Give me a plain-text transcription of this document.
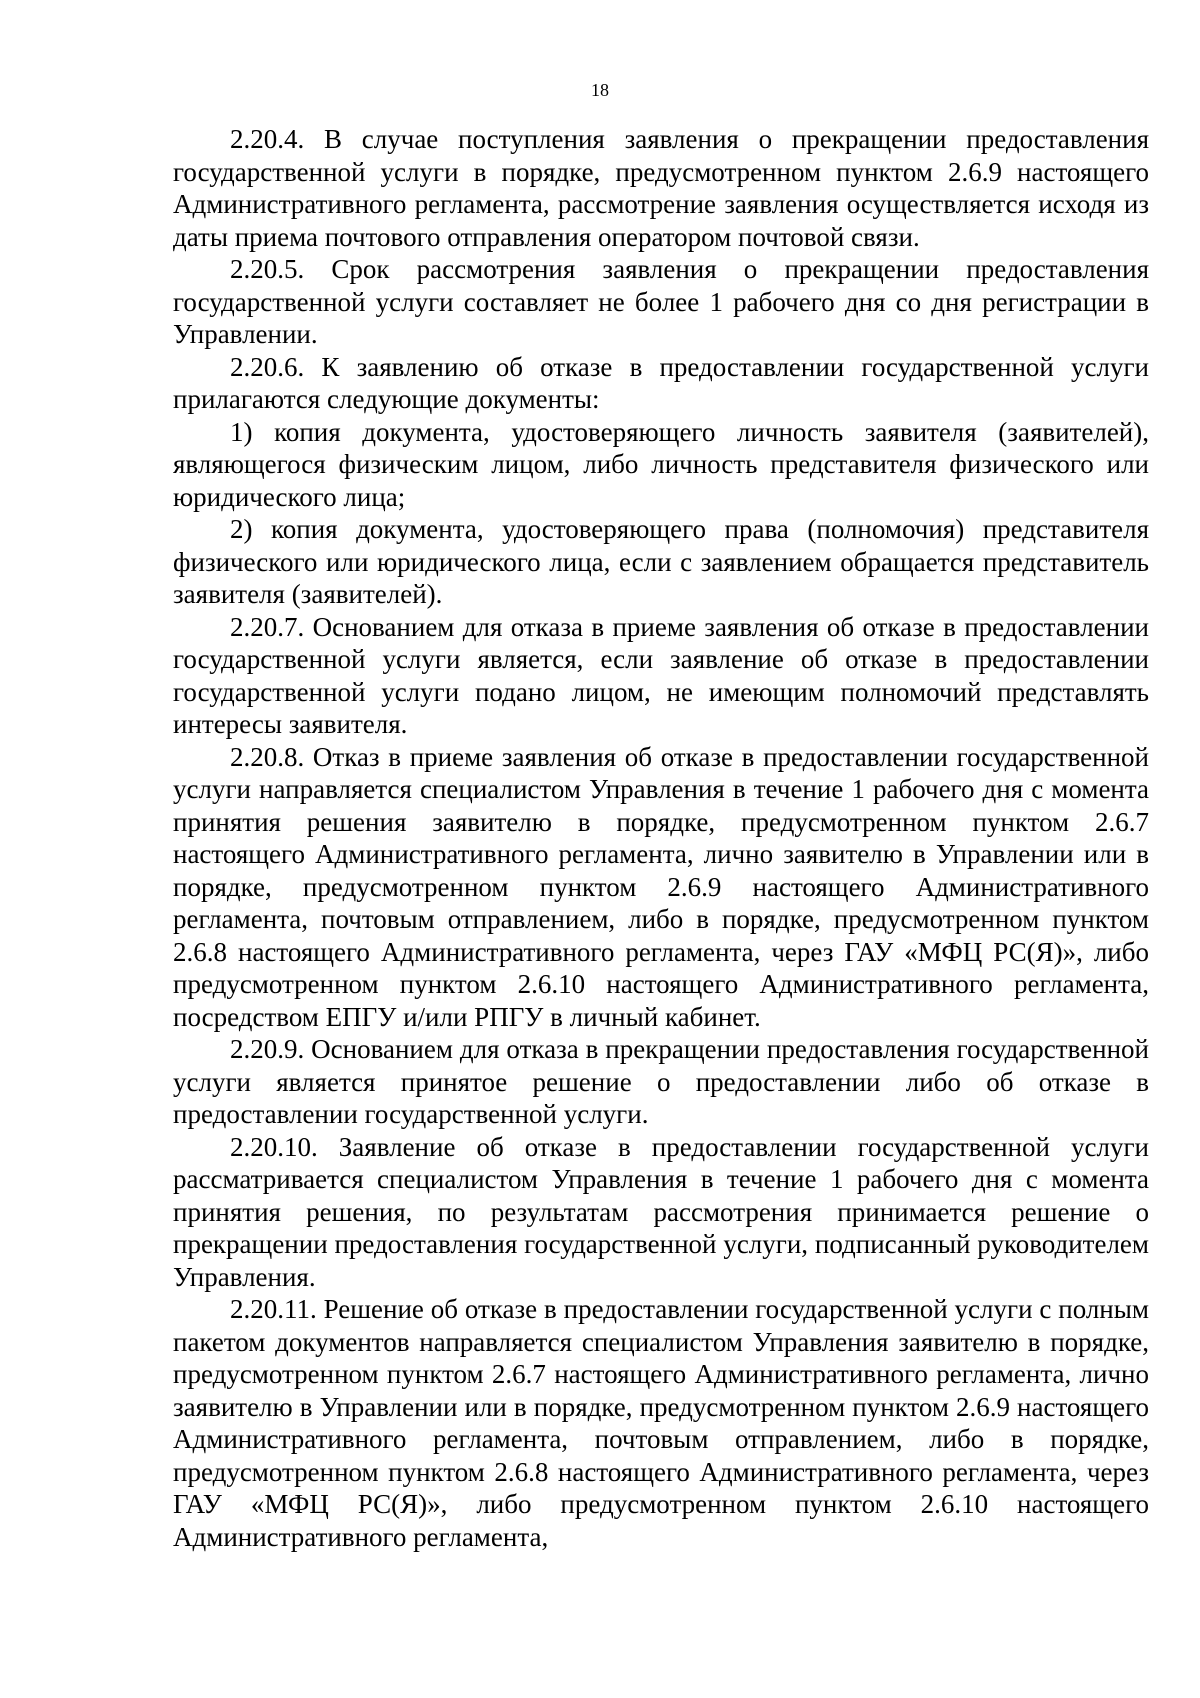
18

2.20.4. В случае поступления заявления о прекращении предоставления государственной услуги в порядке, предусмотренном пунктом 2.6.9 настоящего Административного регламента, рассмотрение заявления осуществляется исходя из даты приема почтового отправления оператором почтовой связи.

2.20.5. Срок рассмотрения заявления о прекращении предоставления государственной услуги составляет не более 1 рабочего дня со дня регистрации в Управлении.

2.20.6. К заявлению об отказе в предоставлении государственной услуги прилагаются следующие документы:

1) копия документа, удостоверяющего личность заявителя (заявителей), являющегося физическим лицом, либо личность представителя физического или юридического лица;

2) копия документа, удостоверяющего права (полномочия) представителя физического или юридического лица, если с заявлением обращается представитель заявителя (заявителей).

2.20.7. Основанием для отказа в приеме заявления об отказе в предоставлении государственной услуги является, если заявление об отказе в предоставлении государственной услуги подано лицом, не имеющим полномочий представлять интересы заявителя.

2.20.8. Отказ в приеме заявления об отказе в предоставлении государственной услуги направляется специалистом Управления в течение 1 рабочего дня с момента принятия решения заявителю в порядке, предусмотренном пунктом 2.6.7 настоящего Административного регламента, лично заявителю в Управлении или в порядке, предусмотренном пунктом 2.6.9 настоящего Административного регламента, почтовым отправлением, либо в порядке, предусмотренном пунктом 2.6.8 настоящего Административного регламента, через ГАУ «МФЦ РС(Я)», либо предусмотренном пунктом 2.6.10 настоящего Административного регламента, посредством ЕПГУ и/или РПГУ в личный кабинет.

2.20.9. Основанием для отказа в прекращении предоставления государственной услуги является принятое решение о предоставлении либо об отказе в предоставлении государственной услуги.

2.20.10. Заявление об отказе в предоставлении государственной услуги рассматривается специалистом Управления в течение 1 рабочего дня с момента принятия решения, по результатам рассмотрения принимается решение о прекращении предоставления государственной услуги, подписанный руководителем Управления.

2.20.11. Решение об отказе в предоставлении государственной услуги с полным пакетом документов направляется специалистом Управления заявителю в порядке, предусмотренном пунктом 2.6.7 настоящего Административного регламента, лично заявителю в Управлении или в порядке, предусмотренном пунктом 2.6.9 настоящего Административного регламента, почтовым отправлением, либо в порядке, предусмотренном пунктом 2.6.8 настоящего Административного регламента, через ГАУ «МФЦ РС(Я)», либо предусмотренном пунктом 2.6.10 настоящего Административного регламента,
